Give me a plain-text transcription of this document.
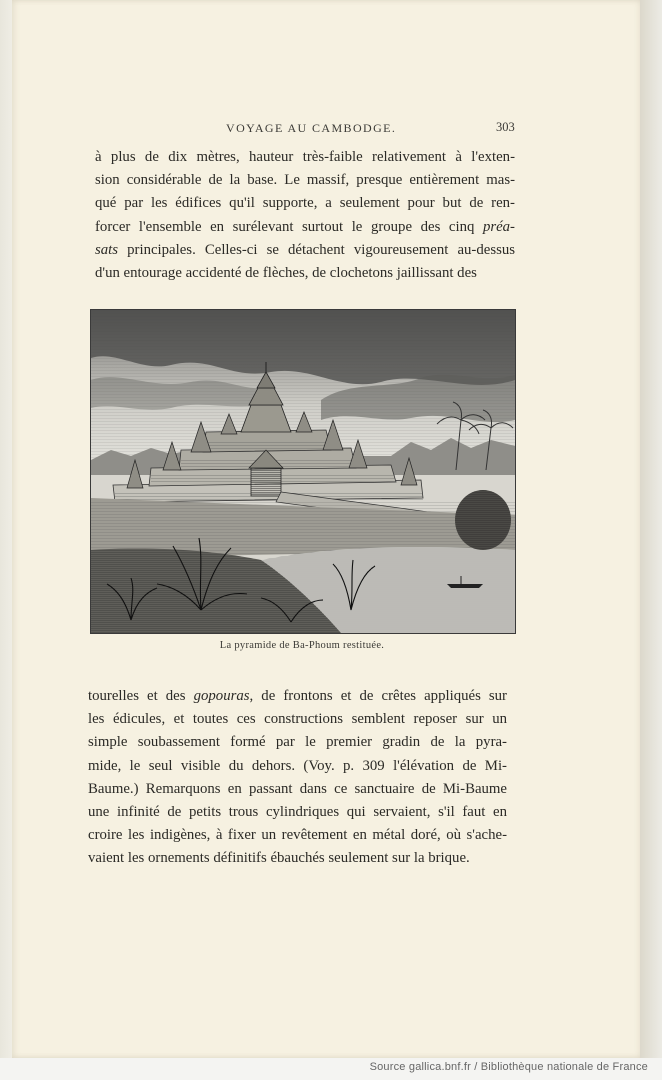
VOYAGE AU CAMBODGE.	303
à plus de dix mètres, hauteur très-faible relativement à l'exten-
sion considérable de la base. Le massif, presque entièrement mas-
qué par les édifices qu'il supporte, a seulement pour but de ren-
forcer l'ensemble en surélevant surtout le groupe des cinq préa-
sats principales. Celles-ci se détachent vigoureusement au-dessus
d'un entourage accidenté de flèches, de clochetons jaillissant des
La pyramide de Ba-Phoum restituée.
tourelles et des gopouras, de frontons et de crêtes appliqués sur
les édicules, et toutes ces constructions semblent reposer sur un
simple soubassement formé par le premier gradin de la pyra-
mide, le seul visible du dehors. (Voy. p. 309 l'élévation de Mi-
Baume.) Remarquons en passant dans ce sanctuaire de Mi-Baume
une infinité de petits trous cylindriques qui servaient, s'il faut en
croire les indigènes, à fixer un revêtement en métal doré, où s'ache-
vaient les ornements définitifs ébauchés seulement sur la brique.
Source gallica.bnf.fr / Bibliothèque nationale de France
